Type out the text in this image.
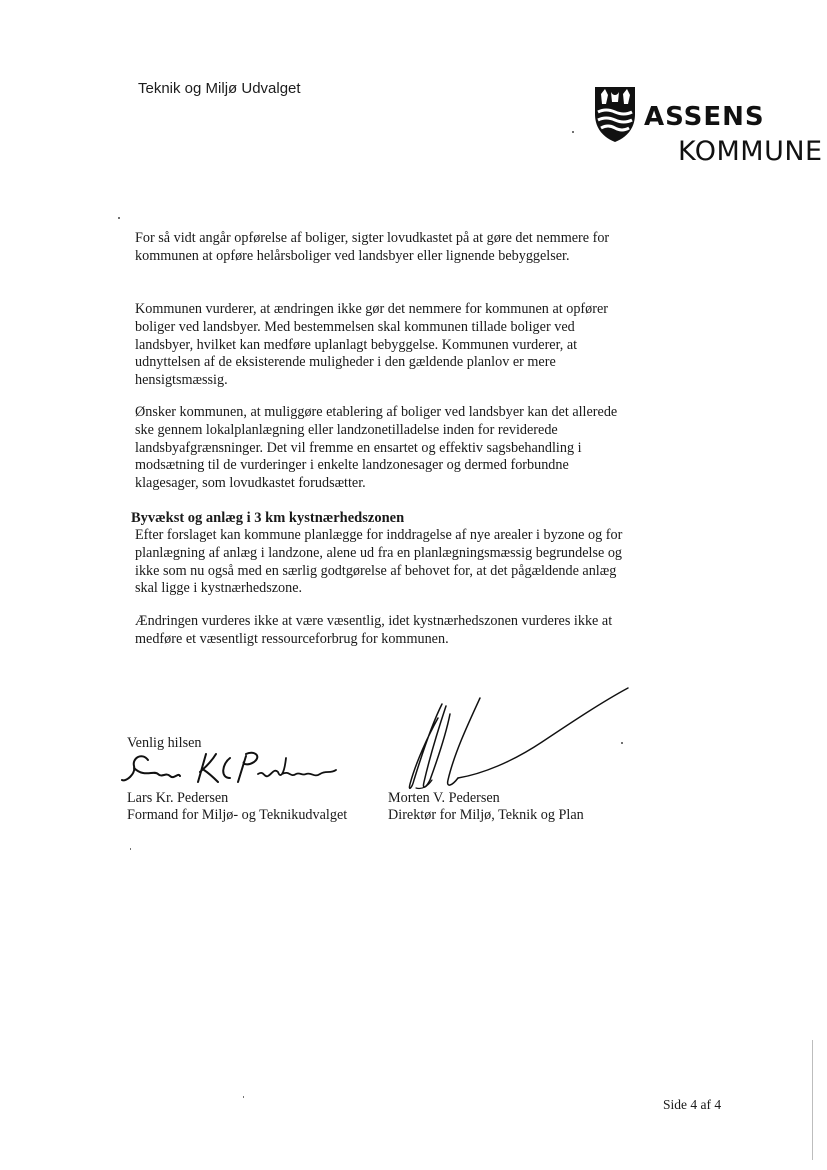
Teknik og Miljø Udvalget
ASSENS
KOMMUNE

For så vidt angår opførelse af boliger, sigter lovudkastet på at gøre det nemmere for kommunen at opføre helårsboliger ved landsbyer eller lignende bebyggelser.

Kommunen vurderer, at ændringen ikke gør det nemmere for kommunen at opfører boliger ved landsbyer. Med bestemmelsen skal kommunen tillade boliger ved landsbyer, hvilket kan medføre uplanlagt bebyggelse. Kommunen vurderer, at udnyttelsen af de eksisterende muligheder i den gældende planlov er mere hensigtsmæssig.

Ønsker kommunen, at muliggøre etablering af boliger ved landsbyer kan det allerede ske gennem lokalplanlægning eller landzonetilladelse inden for reviderede landsbyafgrænsninger. Det vil fremme en ensartet og effektiv sagsbehandling i modsætning til de vurderinger i enkelte landzonesager og dermed forbundne klagesager, som lovudkastet forudsætter.

Byvækst og anlæg i 3 km kystnærhedszonen

Efter forslaget kan kommune planlægge for inddragelse af nye arealer i byzone og for planlægning af anlæg i landzone, alene ud fra en planlægningsmæssig begrundelse og ikke som nu også med en særlig godtgørelse af behovet for, at det pågældende anlæg skal ligge i kystnærhedszone.

Ændringen vurderes ikke at være væsentlig, idet kystnærhedszonen vurderes ikke at medføre et væsentligt ressourceforbrug for kommunen.

Venlig hilsen
Lars Kr. Pedersen
Formand for Miljø- og Teknikudvalget
Morten V. Pedersen
Direktør for Miljø, Teknik og Plan
Side 4 af 4
